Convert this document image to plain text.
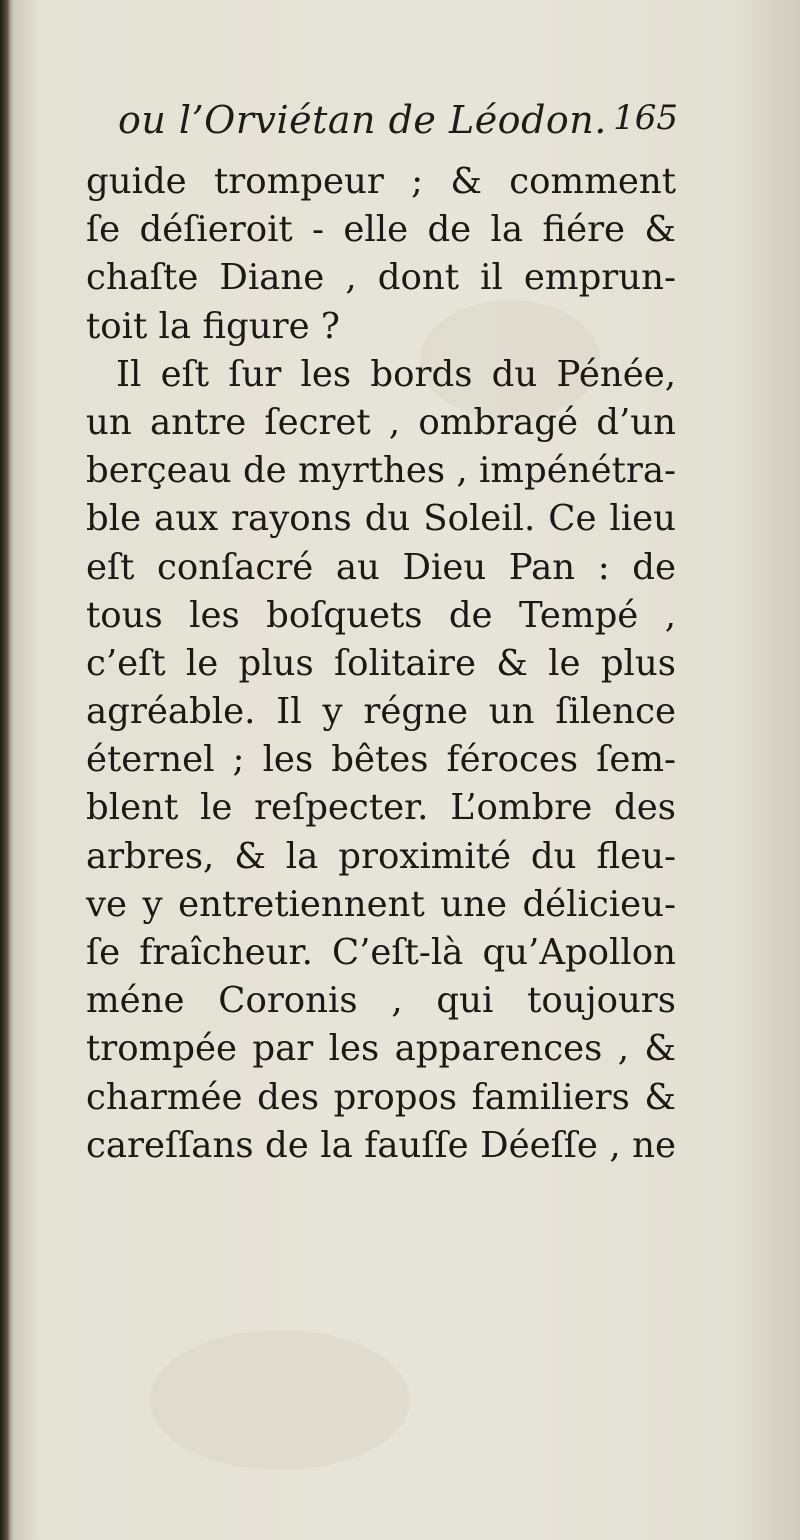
ou l’Orviétan de Léodon. 165
guide trompeur ; & comment
ſe déſieroit - elle de la fiére &
chaſte Diane , dont il emprun-
toit la figure ?
Il eſt ſur les bords du Pénée,
un antre ſecret , ombragé d’un
berçeau de myrthes , impénétra-
ble aux rayons du Soleil. Ce lieu
eſt conſacré au Dieu Pan : de
tous les boſquets de Tempé ,
c’eſt le plus ſolitaire & le plus
agréable. Il y régne un ſilence
éternel ; les bêtes féroces ſem-
blent le reſpecter. L’ombre des
arbres, & la proximité du fleu-
ve y entretiennent une délicieu-
ſe fraîcheur. C’eſt-là qu’Apollon
méne Coronis , qui toujours
trompée par les apparences , &
charmée des propos familiers &
careſſans de la fauſſe Déeſſe , ne
